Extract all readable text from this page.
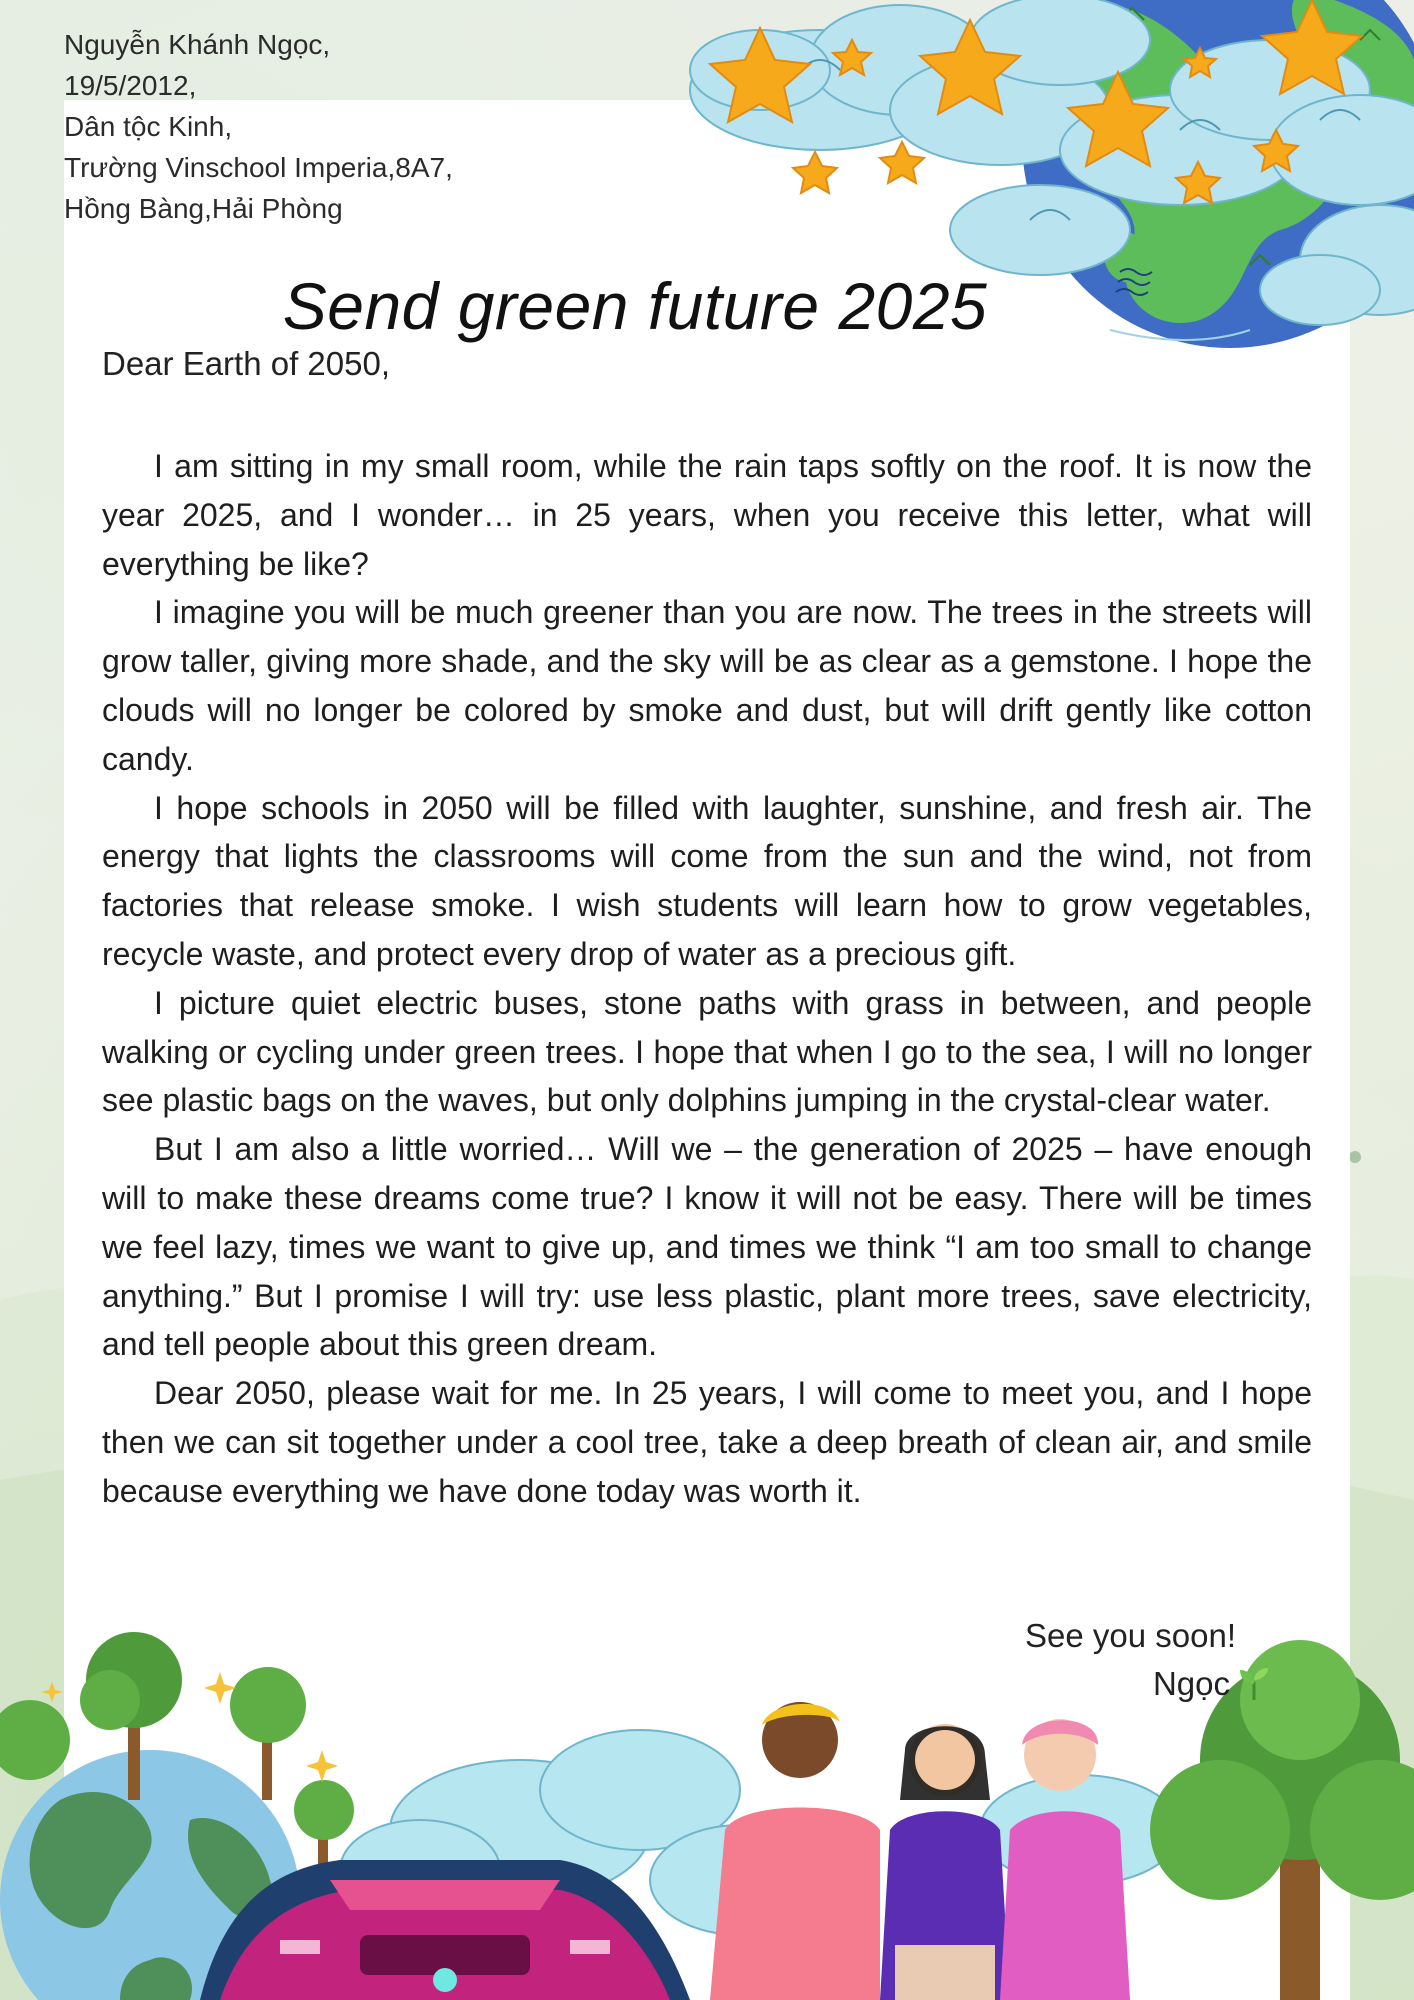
Nguyễn Khánh Ngọc,
19/5/2012,
Dân tộc Kinh,
Trường Vinschool Imperia,8A7,
Hồng Bàng,Hải Phòng
Send green future 2025
Dear Earth of 2050,

I am sitting in my small room, while the rain taps softly on the roof. It is now the year 2025, and I wonder… in 25 years, when you receive this letter, what will everything be like?

I imagine you will be much greener than you are now. The trees in the streets will grow taller, giving more shade, and the sky will be as clear as a gemstone. I hope the clouds will no longer be colored by smoke and dust, but will drift gently like cotton candy.

I hope schools in 2050 will be filled with laughter, sunshine, and fresh air. The energy that lights the classrooms will come from the sun and the wind, not from factories that release smoke. I wish students will learn how to grow vegetables, recycle waste, and protect every drop of water as a precious gift.

I picture quiet electric buses, stone paths with grass in between, and people walking or cycling under green trees. I hope that when I go to the sea, I will no longer see plastic bags on the waves, but only dolphins jumping in the crystal-clear water.

But I am also a little worried… Will we – the generation of 2025 – have enough will to make these dreams come true? I know it will not be easy. There will be times we feel lazy, times we want to give up, and times we think “I am too small to change anything.” But I promise I will try: use less plastic, plant more trees, save electricity, and tell people about this green dream.

Dear 2050, please wait for me. In 25 years, I will come to meet you, and I hope then we can sit together under a cool tree, take a deep breath of clean air, and smile because everything we have done today was worth it.

See you soon!
Ngọc
